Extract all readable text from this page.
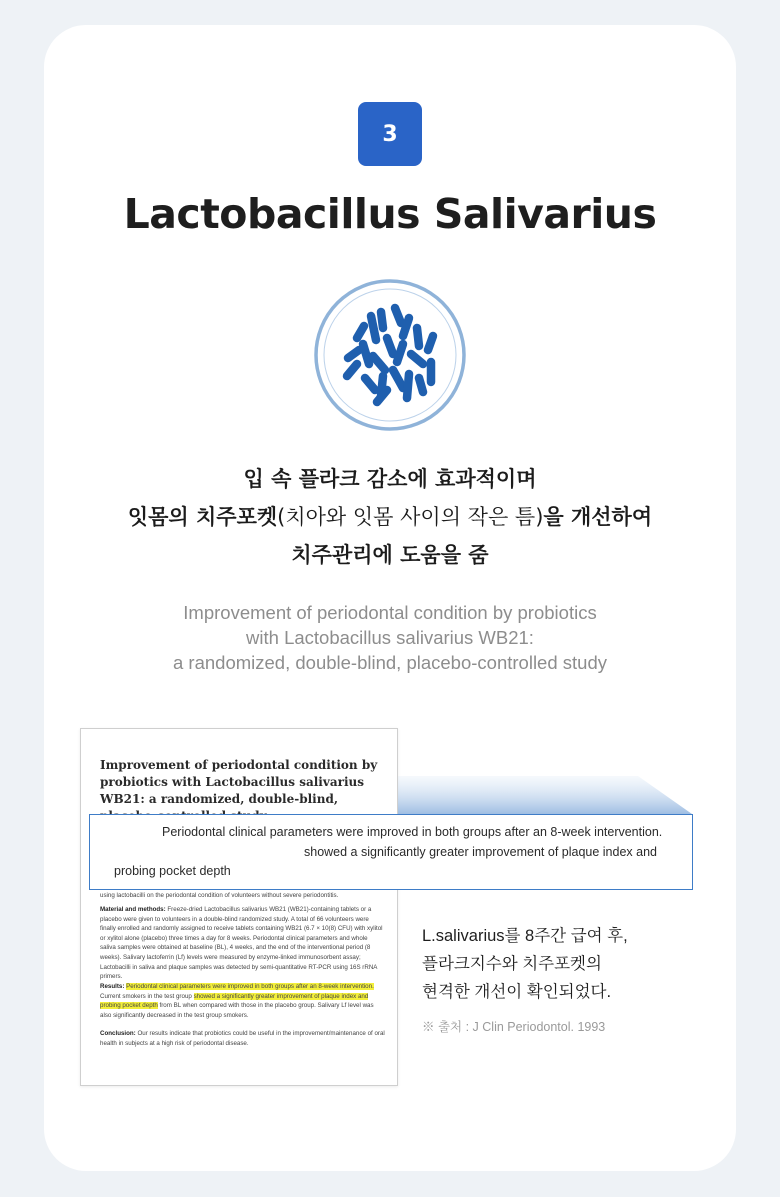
3
Lactobacillus Salivarius
입 속 플라크 감소에 효과적이며
잇몸의 치주포켓(치아와 잇몸 사이의 작은 틈)을 개선하여
치주관리에 도움을 줌
Improvement of periodontal condition by probiotics
with Lactobacillus salivarius WB21:
a randomized, double-blind, placebo-controlled study
Improvement of periodontal condition by probiotics with Lactobacillus salivarius WB21: a randomized, double-blind,
using lactobacilli on the periodontal condition of volunteers without severe periodontitis.
Material and methods: Freeze-dried Lactobacillus salivarius WB21 (WB21)-containing tablets or a placebo were given to volunteers in a double-blind randomized study. A total of 66 volunteers were finally enrolled and randomly assigned to receive tablets containing WB21 (6.7 × 10(8) CFU) with xylitol or xylitol alone (placebo) three times a day for 8 weeks. Periodontal clinical parameters and whole saliva samples were obtained at baseline (BL), 4 weeks, and the end of the interventional period (8 weeks). Salivary lactoferrin (Lf) levels were measured by enzyme-linked immunosorbent assay; Lactobacilli in saliva and plaque samples was detected by semi-quantitative RT-PCR using 16S rRNA primers.
Results: Periodontal clinical parameters were improved in both groups after an 8-week intervention. Current smokers in the test group showed a significantly greater improvement of plaque index and probing pocket depth from BL when compared with those in the placebo group. Salivary Lf level was also significantly decreased in the test group smokers.
Conclusion: Our results indicate that probiotics could be useful in the improvement/maintenance of oral health in subjects at a high risk of periodontal disease.
Periodontal clinical parameters were improved in both groups after an 8-week intervention.
showed a significantly greater improvement of plaque index and
probing pocket depth
L.salivarius를 8주간 급여 후,
플라크지수와 치주포켓의
현격한 개선이 확인되었다.
※ 출처 : J Clin Periodontol. 1993
